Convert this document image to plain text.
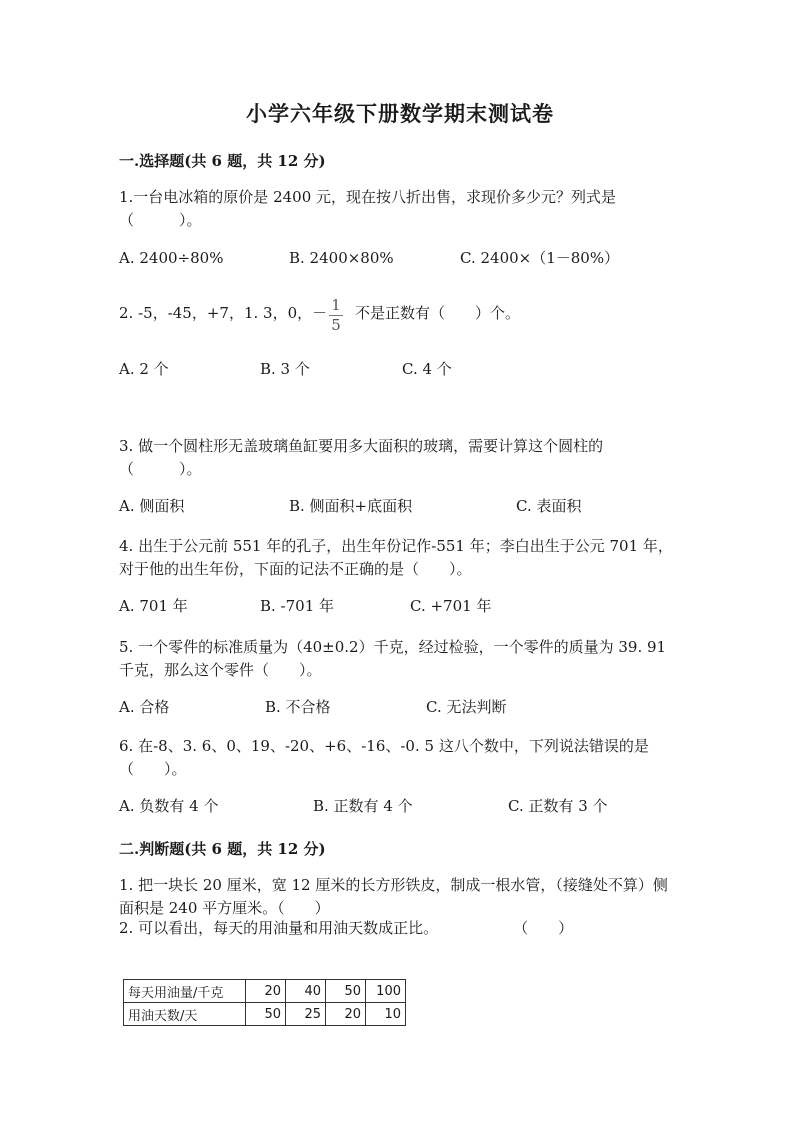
小学六年级下册数学期末测试卷
一.选择题(共 6 题，共 12 分)
1.一台电冰箱的原价是 2400 元，现在按八折出售，求现价多少元？列式是（　　　）。
A. 2400÷80%	B. 2400×80%	C. 2400×（1－80%）
2. -5，-45，+7，1. 3，0，－ 1
5
不是正数有（　　）个。
A. 2 个	B. 3 个	C. 4 个
3. 做一个圆柱形无盖玻璃鱼缸要用多大面积的玻璃，需要计算这个圆柱的（　　　）。
A. 侧面积	B. 侧面积+底面积	C. 表面积
4. 出生于公元前 551 年的孔子，出生年份记作-551 年；李白出生于公元 701 年，对于他的出生年份，下面的记法不正确的是（　　）。
A. 701 年	B. -701 年	C. +701 年
5. 一个零件的标准质量为（40±0.2）千克，经过检验，一个零件的质量为 39. 91 千克，那么这个零件（　　）。
A. 合格	B. 不合格	C. 无法判断
6. 在-8、3. 6、0、19、-20、+6、-16、-0. 5 这八个数中，下列说法错误的是（　　）。
A. 负数有 4 个	B. 正数有 4 个	C. 正数有 3 个
二.判断题(共 6 题，共 12 分)
1. 把一块长 20 厘米，宽 12 厘米的长方形铁皮，制成一根水管，（接缝处不算）侧面积是 240 平方厘米。（　　）
2. 可以看出，每天的用油量和用油天数成正比。　　　　　　（　　）
每天用油量/千克	20	40	50	100
用油天数/天	50	25	20	10
